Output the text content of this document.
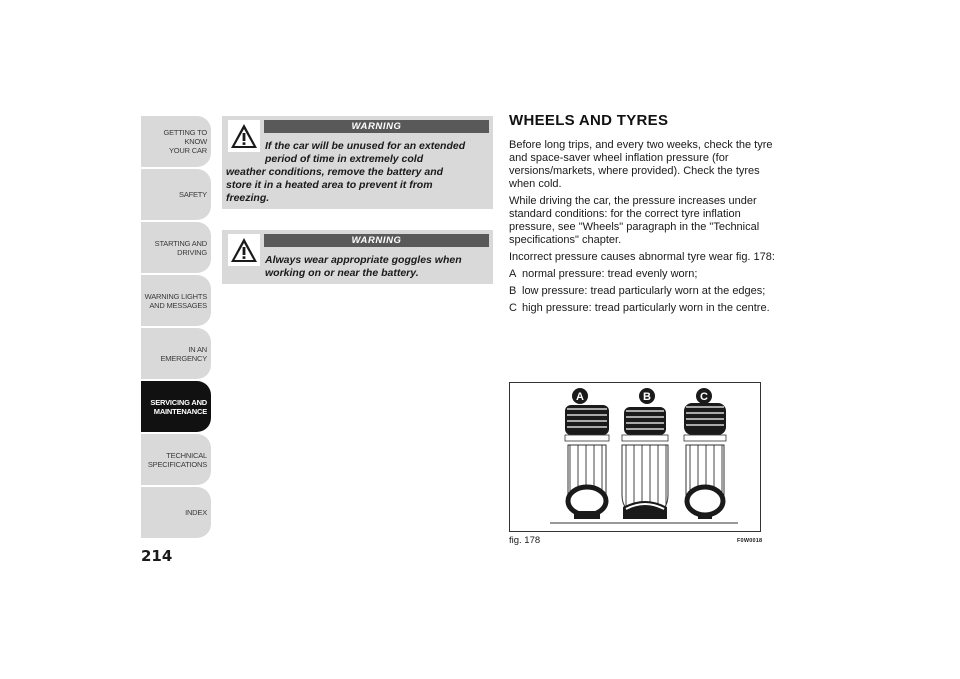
GETTING TO KNOW
YOUR CAR
SAFETY
STARTING AND
DRIVING
WARNING LIGHTS
AND MESSAGES
IN AN EMERGENCY
SERVICING AND
MAINTENANCE
TECHNICAL
SPECIFICATIONS
INDEX
214
WARNING
If the car will be unused for an extended
period of time in extremely cold
weather conditions, remove the battery and
store it in a heated area to prevent it from
freezing.
WARNING
Always wear appropriate goggles when
working on or near the battery.
WHEELS AND TYRES

Before long trips, and every two weeks, check the tyre and space-saver wheel inflation pressure (for versions/markets, where provided). Check the tyres when cold.

While driving the car, the pressure increases under standard conditions: for the correct tyre inflation pressure, see "Wheels" paragraph in the "Technical specifications" chapter.

Incorrect pressure causes abnormal tyre wear fig. 178:

A normal pressure: tread evenly worn;
B low pressure: tread particularly worn at the edges;
C high pressure: tread particularly worn in the centre.
A	B	C
fig. 178	F0W0018
